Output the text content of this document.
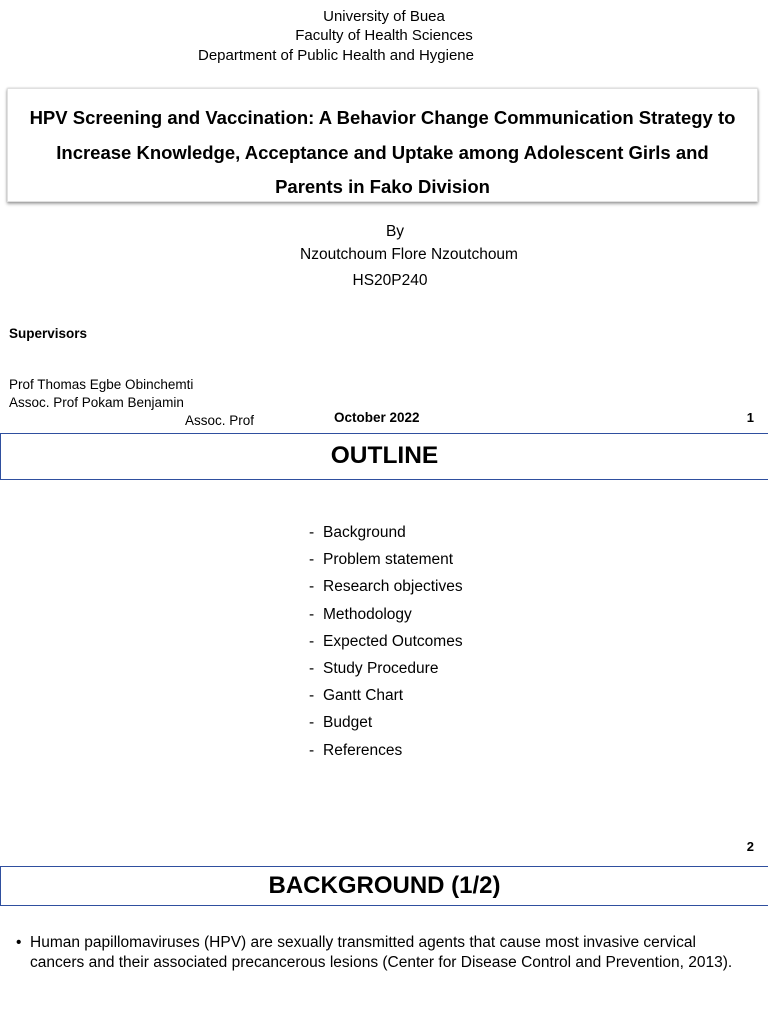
University of Buea
Faculty of Health Sciences
Department of Public Health and Hygiene
HPV Screening and Vaccination: A Behavior Change Communication Strategy to
Increase Knowledge, Acceptance and Uptake among Adolescent Girls and
Parents in Fako Division
By
Nzoutchoum Flore Nzoutchoum
HS20P240
Supervisors
Prof Thomas Egbe Obinchemti
Assoc. Prof Pokam Benjamin
Assoc. Prof	October 2022	1
OUTLINE
- Background
- Problem statement
- Research objectives
- Methodology
- Expected Outcomes
- Study Procedure
- Gantt Chart
- Budget
- References
2
BACKGROUND (1/2)
• Human papillomaviruses (HPV) are sexually transmitted agents that cause most invasive cervical cancers and their associated precancerous lesions (Center for Disease Control and Prevention, 2013).
